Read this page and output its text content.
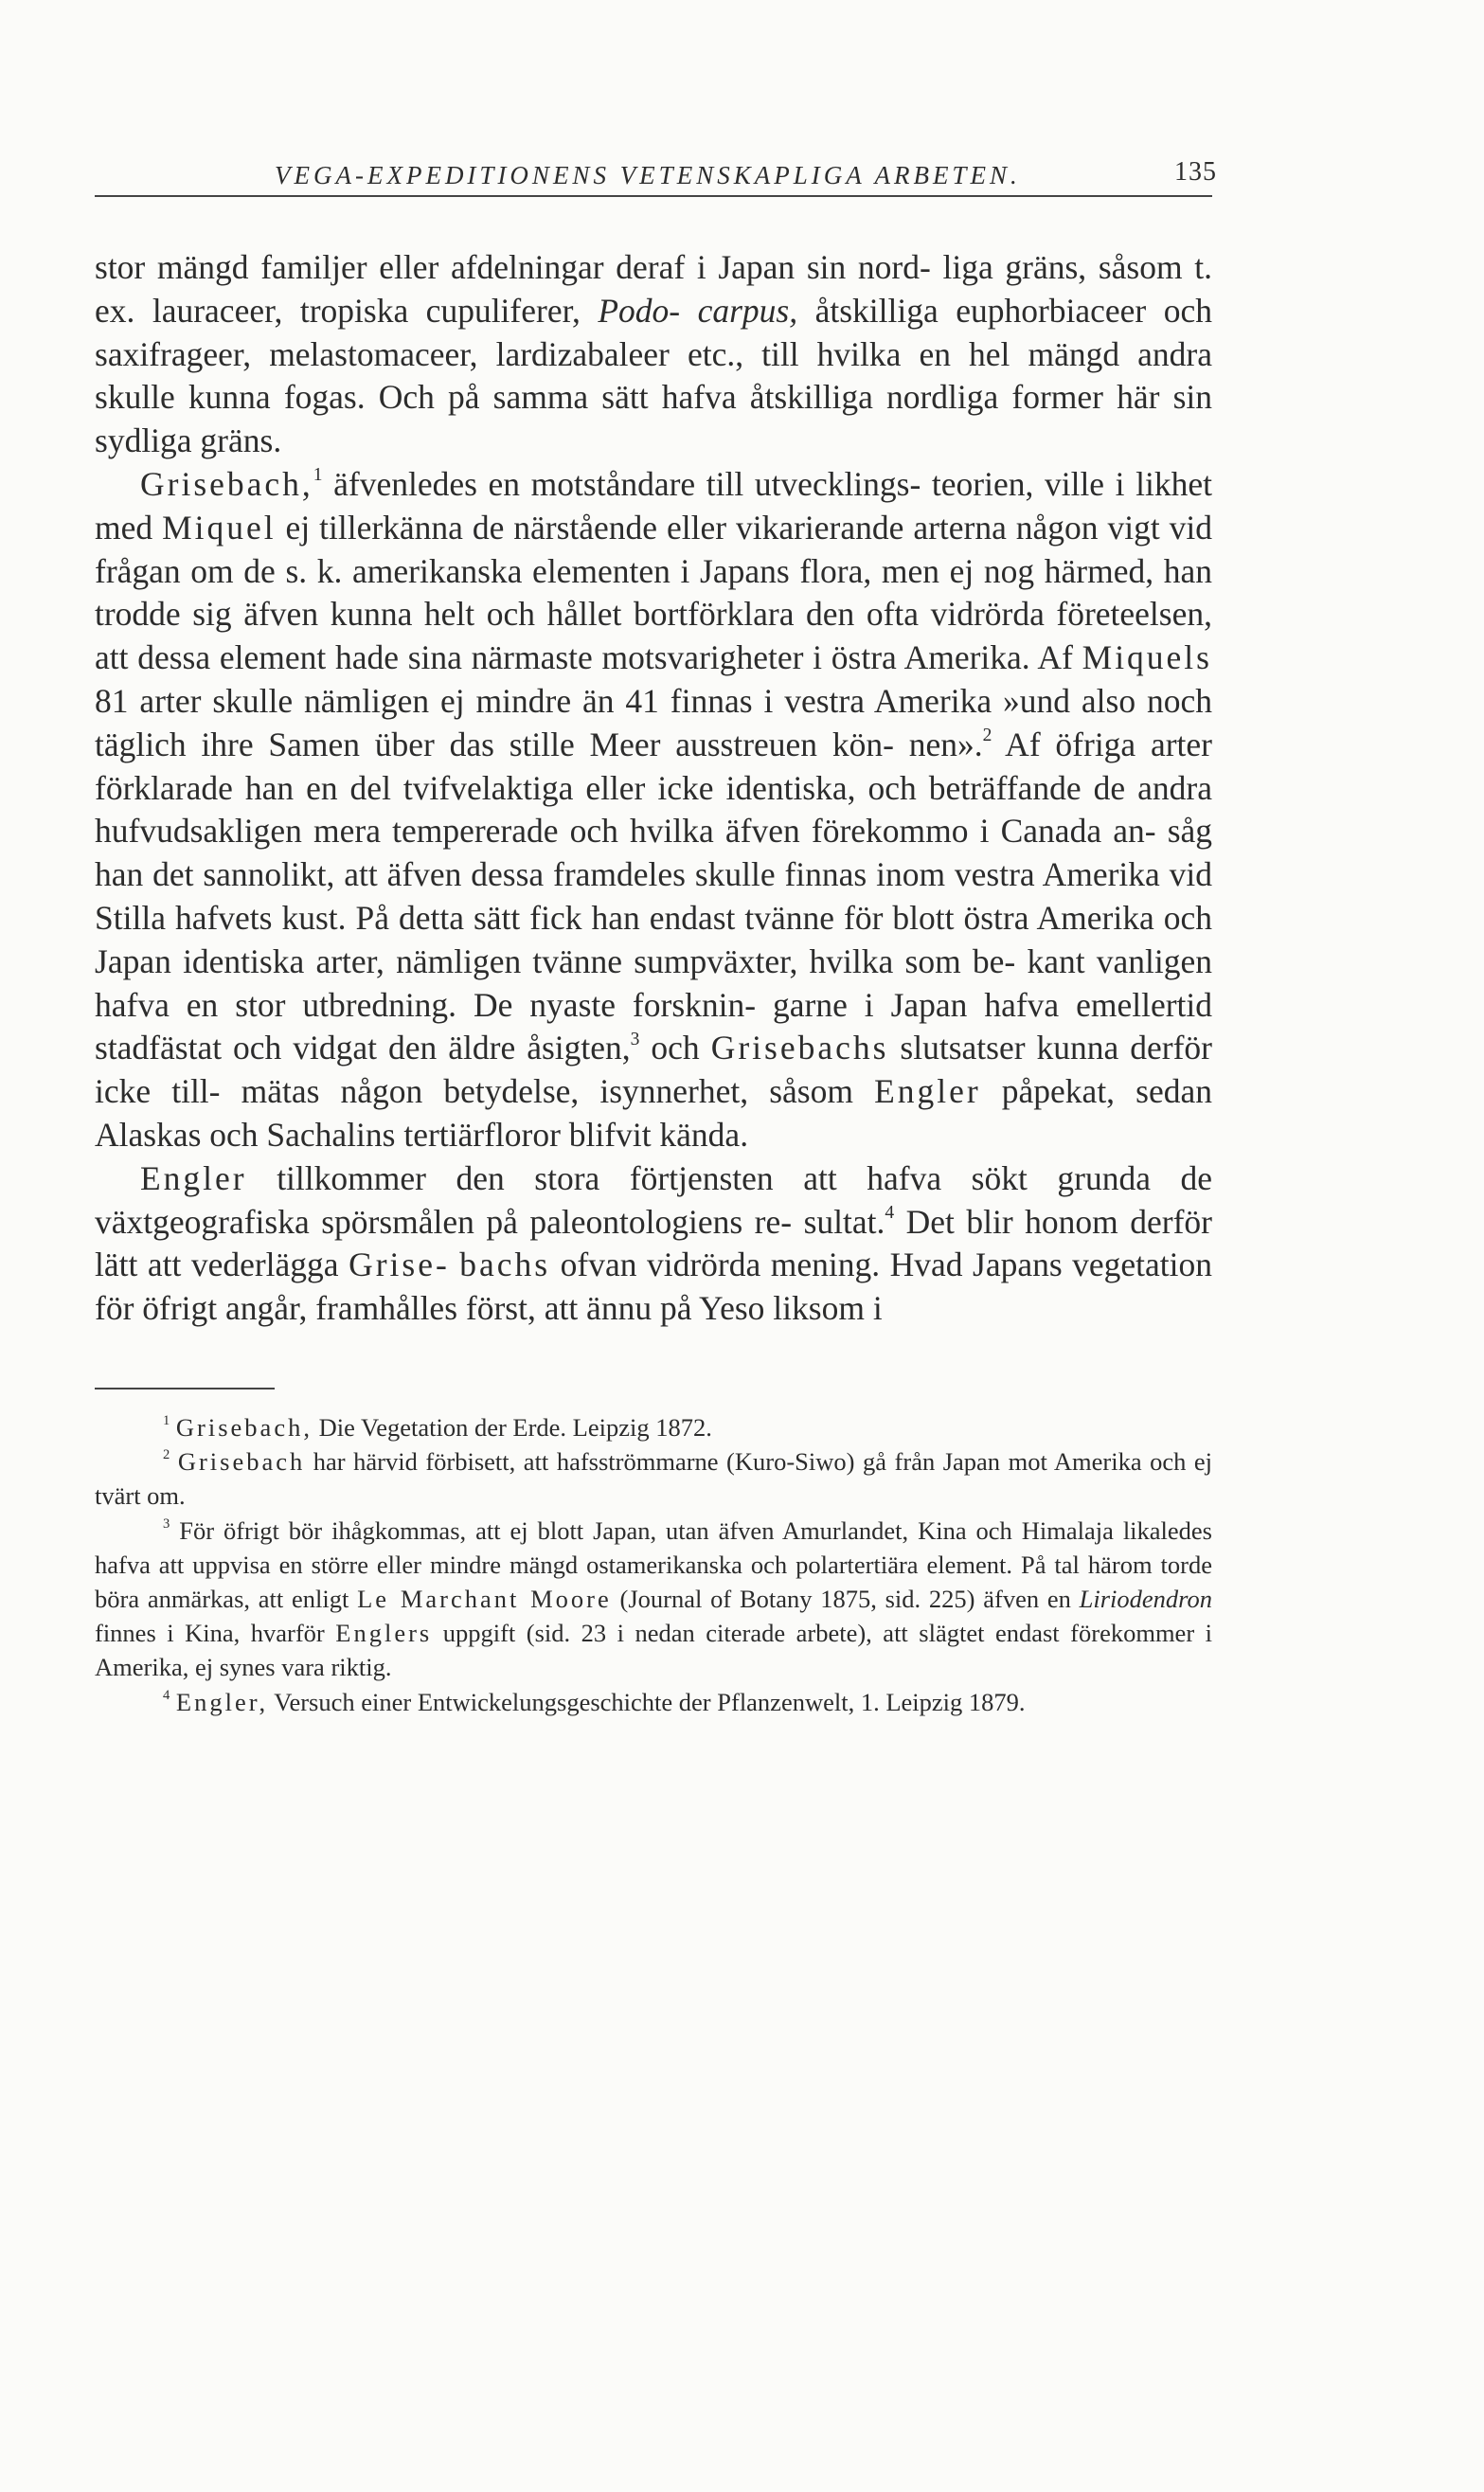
VEGA-EXPEDITIONENS VETENSKAPLIGA ARBETEN.	135

stor mängd familjer eller afdelningar deraf i Japan sin nord- liga gräns, såsom t. ex. lauraceer, tropiska cupuliferer, Podo- carpus, åtskilliga euphorbiaceer och saxifrageer, melastomaceer, lardizabaleer etc., till hvilka en hel mängd andra skulle kunna fogas. Och på samma sätt hafva åtskilliga nordliga former här sin sydliga gräns.

Grisebach,$^1$ äfvenledes en motståndare till utvecklings- teorien, ville i likhet med Miquel ej tillerkänna de närstående eller vikarierande arterna någon vigt vid frågan om de s. k. amerikanska elementen i Japans flora, men ej nog härmed, han trodde sig äfven kunna helt och hållet bortförklara den ofta vidrörda företeelsen, att dessa element hade sina närmaste motsvarigheter i östra Amerika. Af Miquels 81 arter skulle nämligen ej mindre än 41 finnas i vestra Amerika »und also noch täglich ihre Samen über das stille Meer ausstreuen kön- nen».$^2$ Af öfriga arter förklarade han en del tvifvelaktiga eller icke identiska, och beträffande de andra hufvudsakligen mera tempererade och hvilka äfven förekommo i Canada an- såg han det sannolikt, att äfven dessa framdeles skulle finnas inom vestra Amerika vid Stilla hafvets kust. På detta sätt fick han endast tvänne för blott östra Amerika och Japan identiska arter, nämligen tvänne sumpväxter, hvilka som be- kant vanligen hafva en stor utbredning. De nyaste forsknin- garne i Japan hafva emellertid stadfästat och vidgat den äldre åsigten,$^3$ och Grisebachs slutsatser kunna derför icke till- mätas någon betydelse, isynnerhet, såsom Engler påpekat, sedan Alaskas och Sachalins tertiärfloror blifvit kända.

Engler tillkommer den stora förtjensten att hafva sökt grunda de växtgeografiska spörsmålen på paleontologiens re- sultat.$^4$ Det blir honom derför lätt att vederlägga Grise- bachs ofvan vidrörda mening. Hvad Japans vegetation för öfrigt angår, framhålles först, att ännu på Yeso liksom i

$^1$ Grisebach, Die Vegetation der Erde. Leipzig 1872.

$^2$ Grisebach har härvid förbisett, att hafsströmmarne (Kuro-Siwo) gå från Japan mot Amerika och ej tvärt om.

$^3$ För öfrigt bör ihågkommas, att ej blott Japan, utan äfven Amurlandet, Kina och Himalaja likaledes hafva att uppvisa en större eller mindre mängd ostamerikanska och polartertiära element. På tal härom torde böra anmärkas, att enligt Le Marchant Moore (Journal of Botany 1875, sid. 225) äfven en Liriodendron finnes i Kina, hvarför Englers uppgift (sid. 23 i nedan citerade arbete), att slägtet endast förekommer i Amerika, ej synes vara riktig.

$^4$ Engler, Versuch einer Entwickelungsgeschichte der Pflanzenwelt, 1. Leipzig 1879.
